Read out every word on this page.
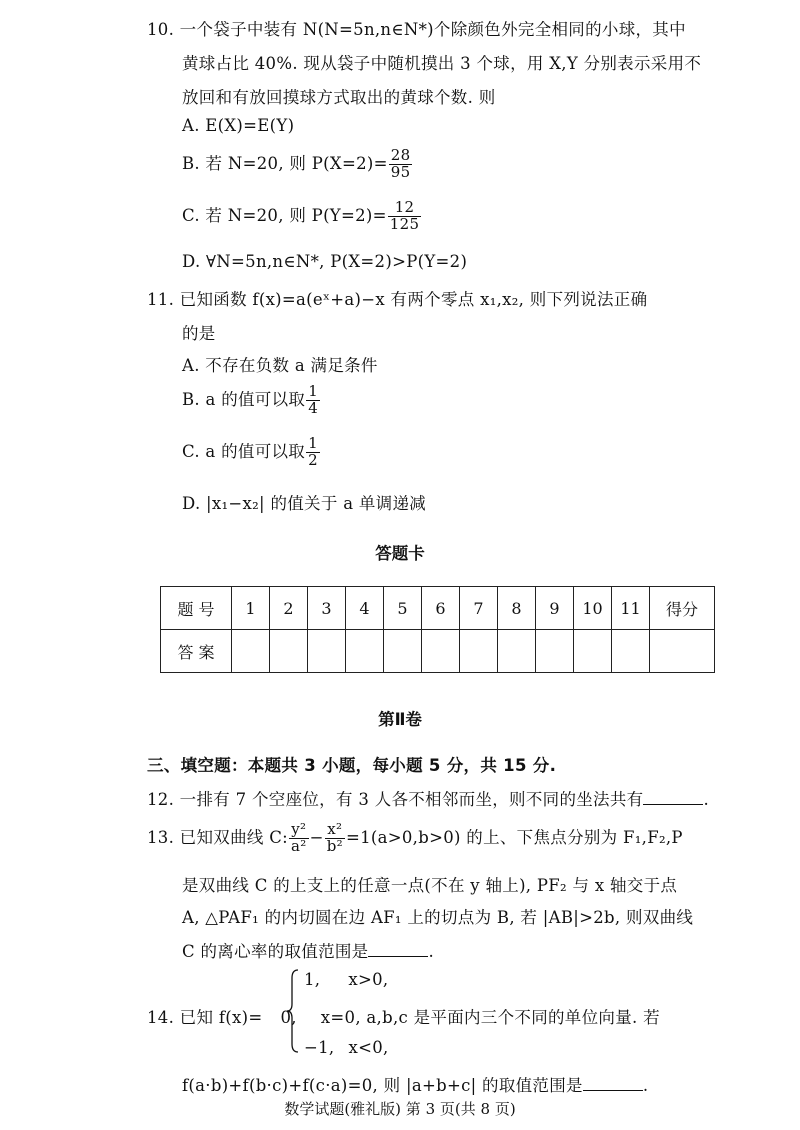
10. 一个袋子中装有 N(N=5n,n∈N*)个除颜色外完全相同的小球，其中
黄球占比 40%. 现从袋子中随机摸出 3 个球，用 X,Y 分别表示采用不
放回和有放回摸球方式取出的黄球个数. 则
A. E(X)=E(Y)
B. 若 N=20, 则 $P(X=2)= \frac{28}{95}$
C. 若 N=20, 则 $P(Y=2)= \frac{12}{125}$
D. ∀N=5n,n∈N*, P(X=2)>P(Y=2)
11. 已知函数 f(x)=a(eˣ+a)−x 有两个零点 x₁,x₂, 则下列说法正确
的是
A. 不存在负数 a 满足条件
B. a 的值可以取 $\frac{1}{4}$
C. a 的值可以取 $\frac{1}{2}$
D. |x₁−x₂| 的值关于 a 单调递减
答题卡
题 号	1	2	3	4	5	6	7	8	9	10	11	得分
答 案												
第Ⅱ卷
三、填空题：本题共 3 小题，每小题 5 分，共 15 分.
12. 一排有 7 个空座位，有 3 人各不相邻而坐，则不同的坐法共有	.
13. 已知双曲线 C: $\frac{\text{y²}}{\text{a²}} - \frac{\text{x²}}{\text{b²}} =1(a>0,b>0)$ 的上、下焦点分别为 F₁,F₂,P
是双曲线 C 的上支上的任意一点(不在 y 轴上), PF₂ 与 x 轴交于点
A, △PAF₁ 的内切圆在边 AF₁ 上的切点为 B, 若 |AB|>2b, 则双曲线
C 的离心率的取值范围是	.
1, x>0,
14. 已知 f(x)= 0, x=0, a,b,c 是平面内三个不同的单位向量. 若
−1, x<0,
f(a·b)+f(b·c)+f(c·a)=0, 则 |a+b+c| 的取值范围是	.
数学试题(雅礼版) 第 3 页(共 8 页)
